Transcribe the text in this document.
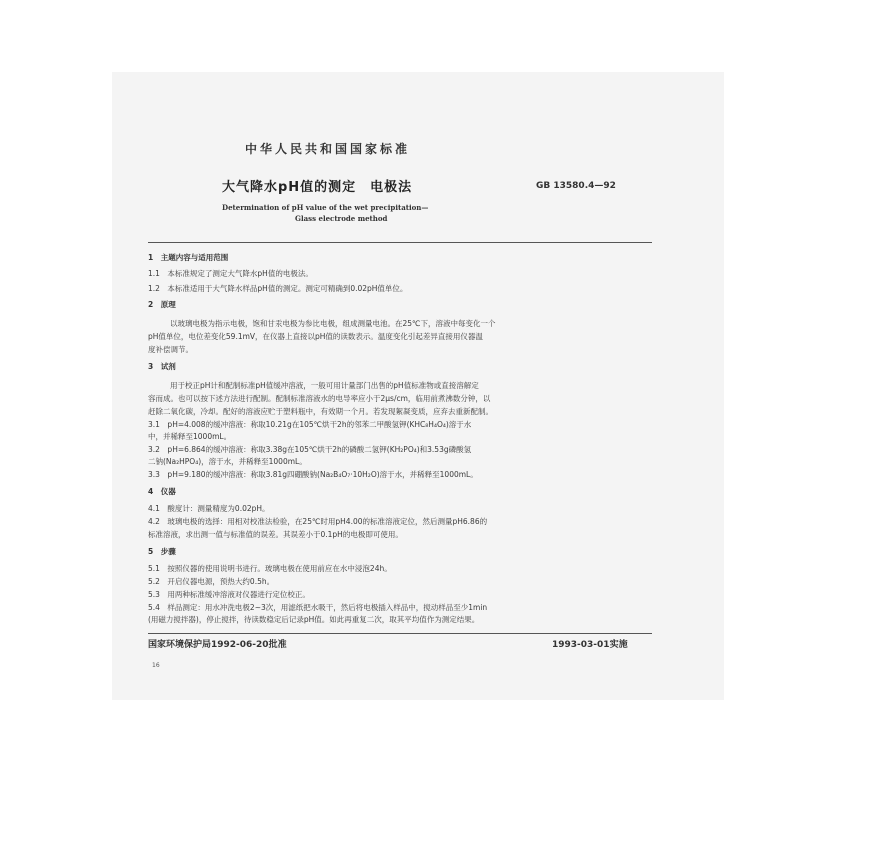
中华人民共和国国家标准
大气降水pH值的测定　电极法	GB 13580.4—92
Determination of pH value of the wet precipitation—
Glass electrode method
1　主题内容与适用范围
1.1　本标准规定了测定大气降水pH值的电极法。
1.2　本标准适用于大气降水样品pH值的测定。测定可精确到0.02pH值单位。
2　原理
以玻璃电极为指示电极，饱和甘汞电极为参比电极，组成测量电池。在25℃下，溶液中每变化一个
pH值单位，电位差变化59.1mV，在仪器上直接以pH值的读数表示。温度变化引起差异直接用仪器温
度补偿调节。
3　试剂
用于校正pH计和配制标准pH值缓冲溶液，一般可用计量部门出售的pH值标准物或直接溶解定
容而成。也可以按下述方法进行配制。配制标准溶液水的电导率应小于2μs/cm，临用前煮沸数分钟，以
赶除二氧化碳，冷却。配好的溶液应贮于塑料瓶中，有效期一个月。若发现絮凝变质，应弃去重新配制。
3.1　pH=4.008的缓冲溶液：称取10.21g在105℃烘干2h的邻苯二甲酸氢钾(KHC₈H₄O₄)溶于水
中，并稀释至1000mL。
3.2　pH=6.864的缓冲溶液：称取3.38g在105℃烘干2h的磷酸二氢钾(KH₂PO₄)和3.53g磷酸氢
二钠(Na₂HPO₄)，溶于水，并稀释至1000mL。
3.3　pH=9.180的缓冲溶液：称取3.81g四硼酸钠(Na₂B₄O₇·10H₂O)溶于水，并稀释至1000mL。
4　仪器
4.1　酸度计：测量精度为0.02pH。
4.2　玻璃电极的选择：用相对校准法检验，在25℃时用pH4.00的标准溶液定位，然后测量pH6.86的
标准溶液，求出测一值与标准值的误差。其误差小于0.1pH的电极即可使用。
5　步骤
5.1　按照仪器的使用说明书进行。玻璃电极在使用前应在水中浸泡24h。
5.2　开启仪器电源，预热大约0.5h。
5.3　用两种标准缓冲溶液对仪器进行定位校正。
5.4　样品测定：用水冲洗电极2~3次，用滤纸把水吸干，然后将电极插入样品中，搅动样品至少1min
(用磁力搅拌器)，停止搅拌，待读数稳定后记录pH值。如此再重复二次，取其平均值作为测定结果。
国家环境保护局1992-06-20批准	1993-03-01实施
16
